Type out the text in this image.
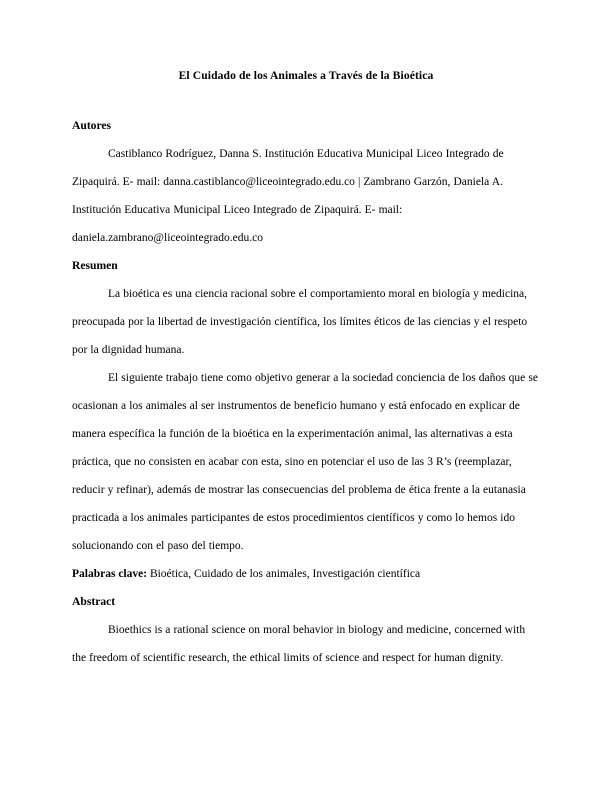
El Cuidado de los Animales a Través de la Bioética
Autores

Castiblanco Rodríguez, Danna S. Institución Educativa Municipal Liceo Integrado de Zipaquirá. E- mail: danna.castiblanco@liceointegrado.edu.co | Zambrano Garzón, Daniela A. Institución Educativa Municipal Liceo Integrado de Zipaquirá. E- mail: daniela.zambrano@liceointegrado.edu.co

Resumen

La bioética es una ciencia racional sobre el comportamiento moral en biología y medicina, preocupada por la libertad de investigación científica, los límites éticos de las ciencias y el respeto por la dignidad humana.

El siguiente trabajo tiene como objetivo generar a la sociedad conciencia de los daños que se ocasionan a los animales al ser instrumentos de beneficio humano y está enfocado en explicar de manera específica la función de la bioética en la experimentación animal, las alternativas a esta práctica, que no consisten en acabar con esta, sino en potenciar el uso de las 3 R’s (reemplazar, reducir y refinar), además de mostrar las consecuencias del problema de ética frente a la eutanasia practicada a los animales participantes de estos procedimientos científicos y como lo hemos ido solucionando con el paso del tiempo.

Palabras clave: Bioética, Cuidado de los animales, Investigación científica

Abstract

Bioethics is a rational science on moral behavior in biology and medicine, concerned with the freedom of scientific research, the ethical limits of science and respect for human dignity.
